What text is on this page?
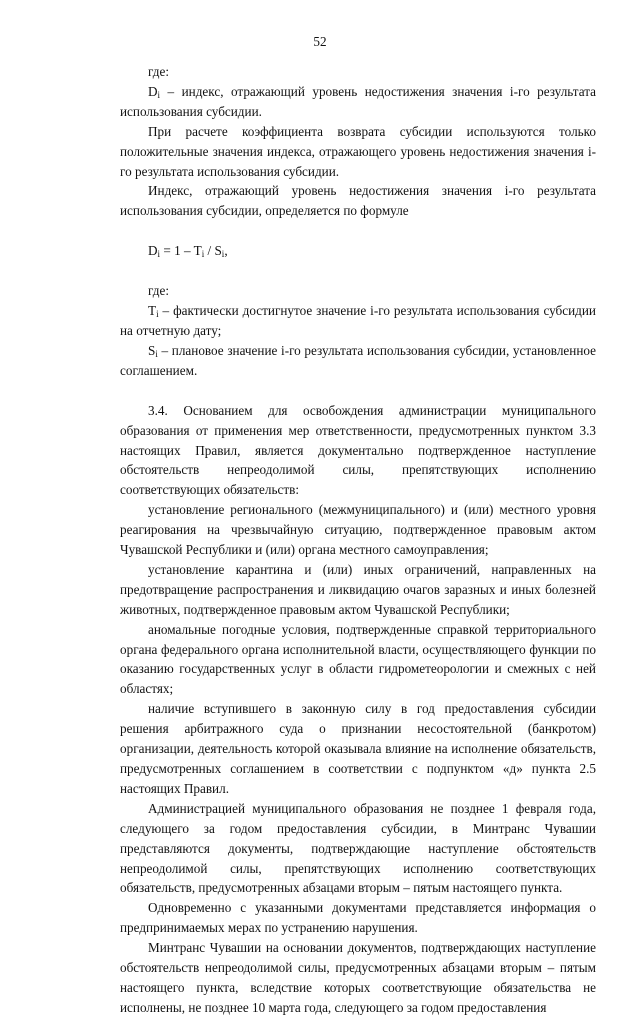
52

где:

$D_i$ – индекс, отражающий уровень недостижения значения i-го результата использования субсидии.

При расчете коэффициента возврата субсидии используются только положительные значения индекса, отражающего уровень недостижения значения i-го результата использования субсидии.

Индекс, отражающий уровень недостижения значения i-го результата использования субсидии, определяется по формуле

$D_i = 1 - T_i / S_i$,

где:

$T_i$ – фактически достигнутое значение i-го результата использования субсидии на отчетную дату;

$S_i$ – плановое значение i-го результата использования субсидии, установленное соглашением.

3.4. Основанием для освобождения администрации муниципального образования от применения мер ответственности, предусмотренных пунктом 3.3 настоящих Правил, является документально подтвержденное наступление обстоятельств непреодолимой силы, препятствующих исполнению соответствующих обязательств:

установление регионального (межмуниципального) и (или) местного уровня реагирования на чрезвычайную ситуацию, подтвержденное правовым актом Чувашской Республики и (или) органа местного самоуправления;

установление карантина и (или) иных ограничений, направленных на предотвращение распространения и ликвидацию очагов заразных и иных болезней животных, подтвержденное правовым актом Чувашской Республики;

аномальные погодные условия, подтвержденные справкой территориального органа федерального органа исполнительной власти, осуществляющего функции по оказанию государственных услуг в области гидрометеорологии и смежных с ней областях;

наличие вступившего в законную силу в год предоставления субсидии решения арбитражного суда о признании несостоятельной (банкротом) организации, деятельность которой оказывала влияние на исполнение обязательств, предусмотренных соглашением в соответствии с подпунктом «д» пункта 2.5 настоящих Правил.

Администрацией муниципального образования не позднее 1 февраля года, следующего за годом предоставления субсидии, в Минтранс Чувашии представляются документы, подтверждающие наступление обстоятельств непреодолимой силы, препятствующих исполнению соответствующих обязательств, предусмотренных абзацами вторым – пятым настоящего пункта.

Одновременно с указанными документами представляется информация о предпринимаемых мерах по устранению нарушения.

Минтранс Чувашии на основании документов, подтверждающих наступление обстоятельств непреодолимой силы, предусмотренных абзацами вторым – пятым настоящего пункта, вследствие которых соответствующие обязательства не исполнены, не позднее 10 марта года, следующего за годом предоставления
